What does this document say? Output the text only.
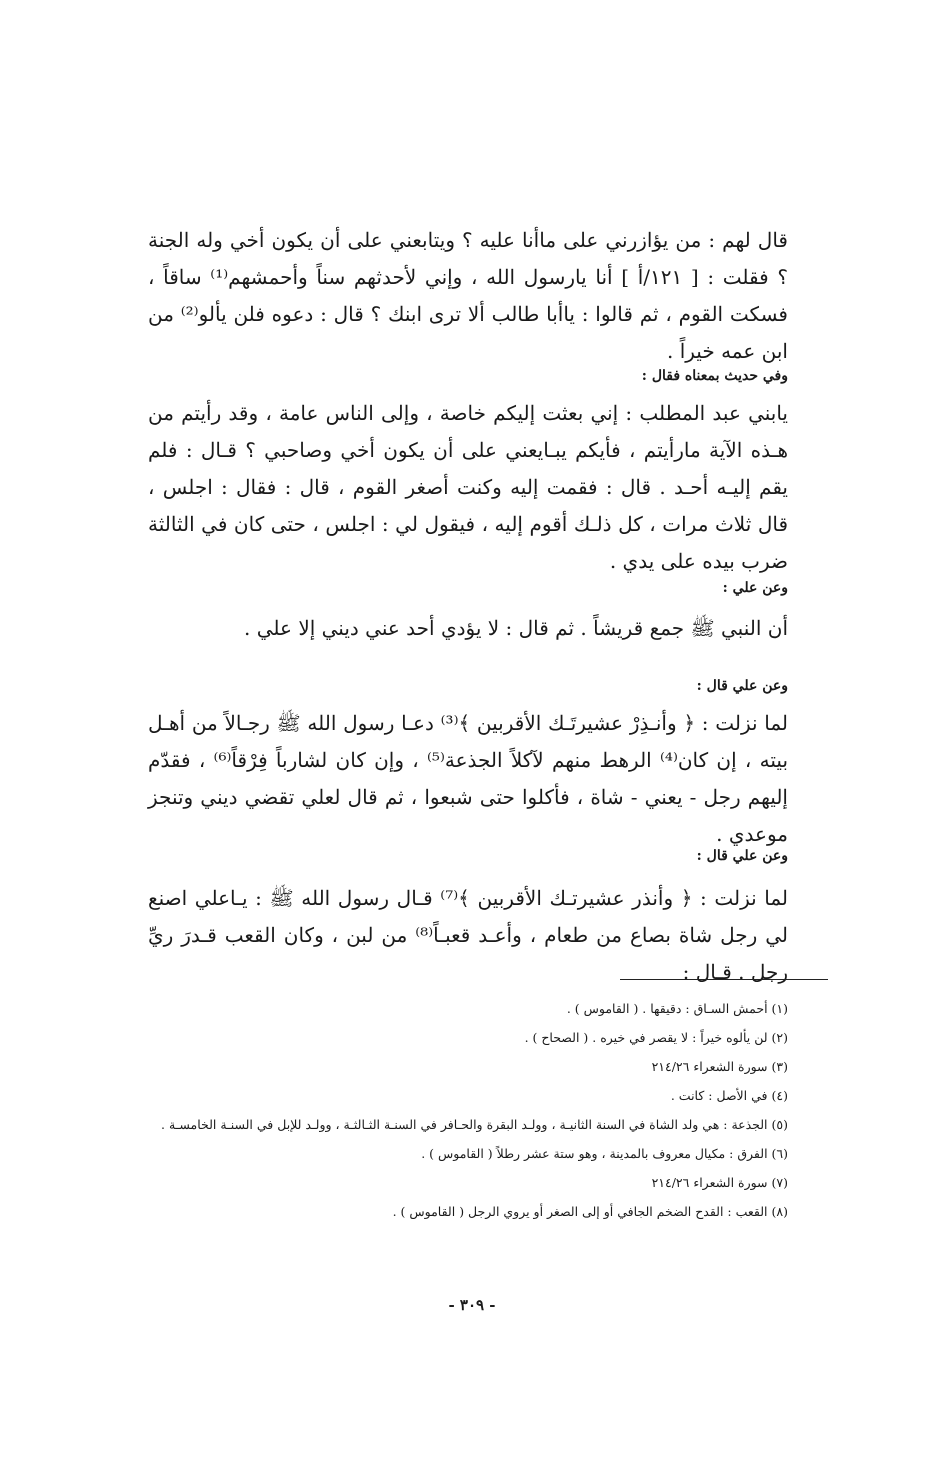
قال لهم : من يؤازرني على ماأنا عليه ؟ ويتابعني على أن يكون أخي وله الجنة ؟ فقلت : [ ١٢١/أ ] أنا يارسول الله ، وإني لأحدثهم سناً وأحمشهم⁽¹⁾ ساقاً ، فسكت القوم ، ثم قالوا : ياأبا طالب ألا ترى ابنك ؟ قال : دعوه فلن يألو⁽²⁾ من ابن عمه خيراً .

وفي حديث بمعناه فقال :

يابني عبد المطلب : إني بعثت إليكم خاصة ، وإلى الناس عامة ، وقد رأيتم من هـذه الآية مارأيتم ، فأيكم يبـايعني على أن يكون أخي وصاحبي ؟ قـال : فلم يقم إليـه أحـد . قال : فقمت إليه وكنت أصغر القوم ، قال : فقال : اجلس ، قال ثلاث مرات ، كل ذلـك أقوم إليه ، فيقول لي : اجلس ، حتى كان في الثالثة ضرب بيده على يدي .

وعن علي :

أن النبي ﷺ جمع قريشاً . ثم قال : لا يؤدي أحد عني ديني إلا علي .

وعن علي قال :

لما نزلت : ﴿ وأنـذِرْ عشيرتَـك الأقربين ﴾⁽³⁾ دعـا رسول الله ﷺ رجـالاً من أهـل بيته ، إن كان⁽⁴⁾ الرهط منهم لآكلاً الجذعة⁽⁵⁾ ، وإن كان لشارباً فِرْقاً⁽⁶⁾ ، فقدّم إليهم رجل - يعني - شاة ، فأكلوا حتى شبعوا ، ثم قال لعلي تقضي ديني وتنجز موعدي .

وعن علي قال :

لما نزلت : ﴿ وأنذر عشيرتـك الأقربين ﴾⁽⁷⁾ قـال رسول الله ﷺ : يـاعلي اصنع لي رجل شاة بصاع من طعام ، وأعـد قعبـاً⁽⁸⁾ من لبن ، وكان القعب قـدرَ ريِّ رجل . قـال :

(١) أحمش السـاق : دقيقها . ( القاموس ) .

(٢) لن يألوه خيراً : لا يقصر في خيره . ( الصحاح ) .

(٣) سورة الشعراء ٢١٤/٢٦

(٤) في الأصل : كانت .

(٥) الجذعة : هي ولد الشاة في السنة الثانيـة ، وولـد البقرة والحـافر في السنـة الثـالثـة ، وولـد للإبل في السنـة الخامسـة .

(٦) الفرق : مكيال معروف بالمدينة ، وهو ستة عشر رطلاً ( القاموس ) .

(٧) سورة الشعراء ٢١٤/٢٦

(٨) القعب : القدح الضخم الجافي أو إلى الصغر أو يروي الرجل ( القاموس ) .

- ٣٠٩ -
